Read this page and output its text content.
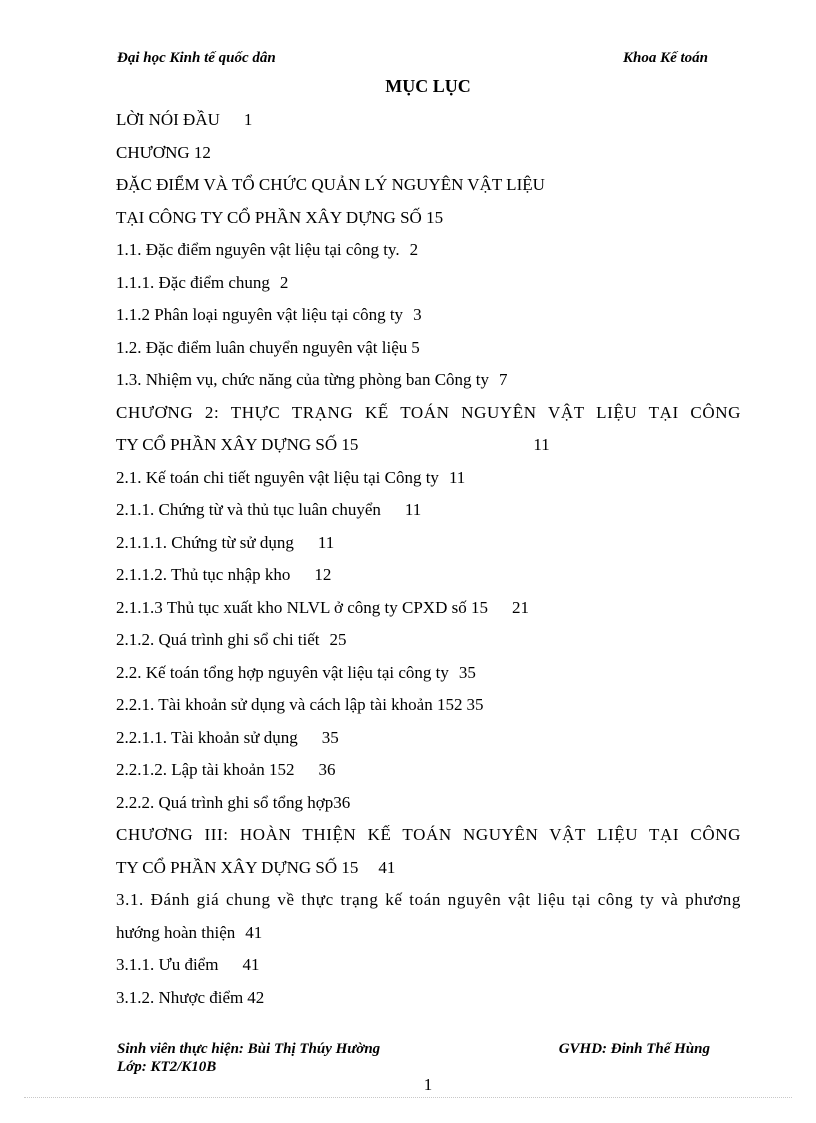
Đại học Kinh tế quốc dân	Khoa Kế toán
MỤC LỤC
LỜI NÓI ĐẦU 1
CHƯƠNG 12
ĐẶC ĐIỂM VÀ TỔ CHỨC QUẢN LÝ NGUYÊN VẬT LIỆU
TẠI CÔNG TY CỔ PHẦN XÂY DỰNG SỐ 15
1.1. Đặc điểm nguyên vật liệu tại công ty. 2
1.1.1. Đặc điểm chung 2
1.1.2 Phân loại nguyên vật liệu tại công ty 3
1.2. Đặc điểm luân chuyển nguyên vật liệu 5
1.3. Nhiệm vụ, chức năng của từng phòng ban Công ty 7
CHƯƠNG 2: THỰC TRẠNG KẾ TOÁN NGUYÊN VẬT LIỆU TẠI CÔNG
TY CỔ PHẦN XÂY DỰNG SỐ 15	11
2.1. Kế toán chi tiết nguyên vật liệu tại Công ty 11
2.1.1. Chứng từ và thủ tục luân chuyển 11
2.1.1.1. Chứng từ sử dụng 11
2.1.1.2. Thủ tục nhập kho 12
2.1.1.3 Thủ tục xuất kho NLVL ở công ty CPXD số 15 21
2.1.2. Quá trình ghi sổ chi tiết 25
2.2. Kế toán tổng hợp nguyên vật liệu tại công ty 35
2.2.1. Tài khoản sử dụng và cách lập tài khoản 152 35
2.2.1.1. Tài khoản sử dụng 35
2.2.1.2. Lập tài khoản 152 36
2.2.2. Quá trình ghi sổ tổng hợp36
CHƯƠNG III: HOÀN THIỆN KẾ TOÁN NGUYÊN VẬT LIỆU TẠI CÔNG
TY CỔ PHẦN XÂY DỰNG SỐ 15 41
3.1. Đánh giá chung về thực trạng kế toán nguyên vật liệu tại công ty và phương
hướng hoàn thiện 41
3.1.1. Ưu điểm 41
3.1.2. Nhược điểm 42
Sinh viên thực hiện: Bùi Thị Thúy Hường	GVHD: Đinh Thế Hùng
Lớp: KT2/K10B
1
